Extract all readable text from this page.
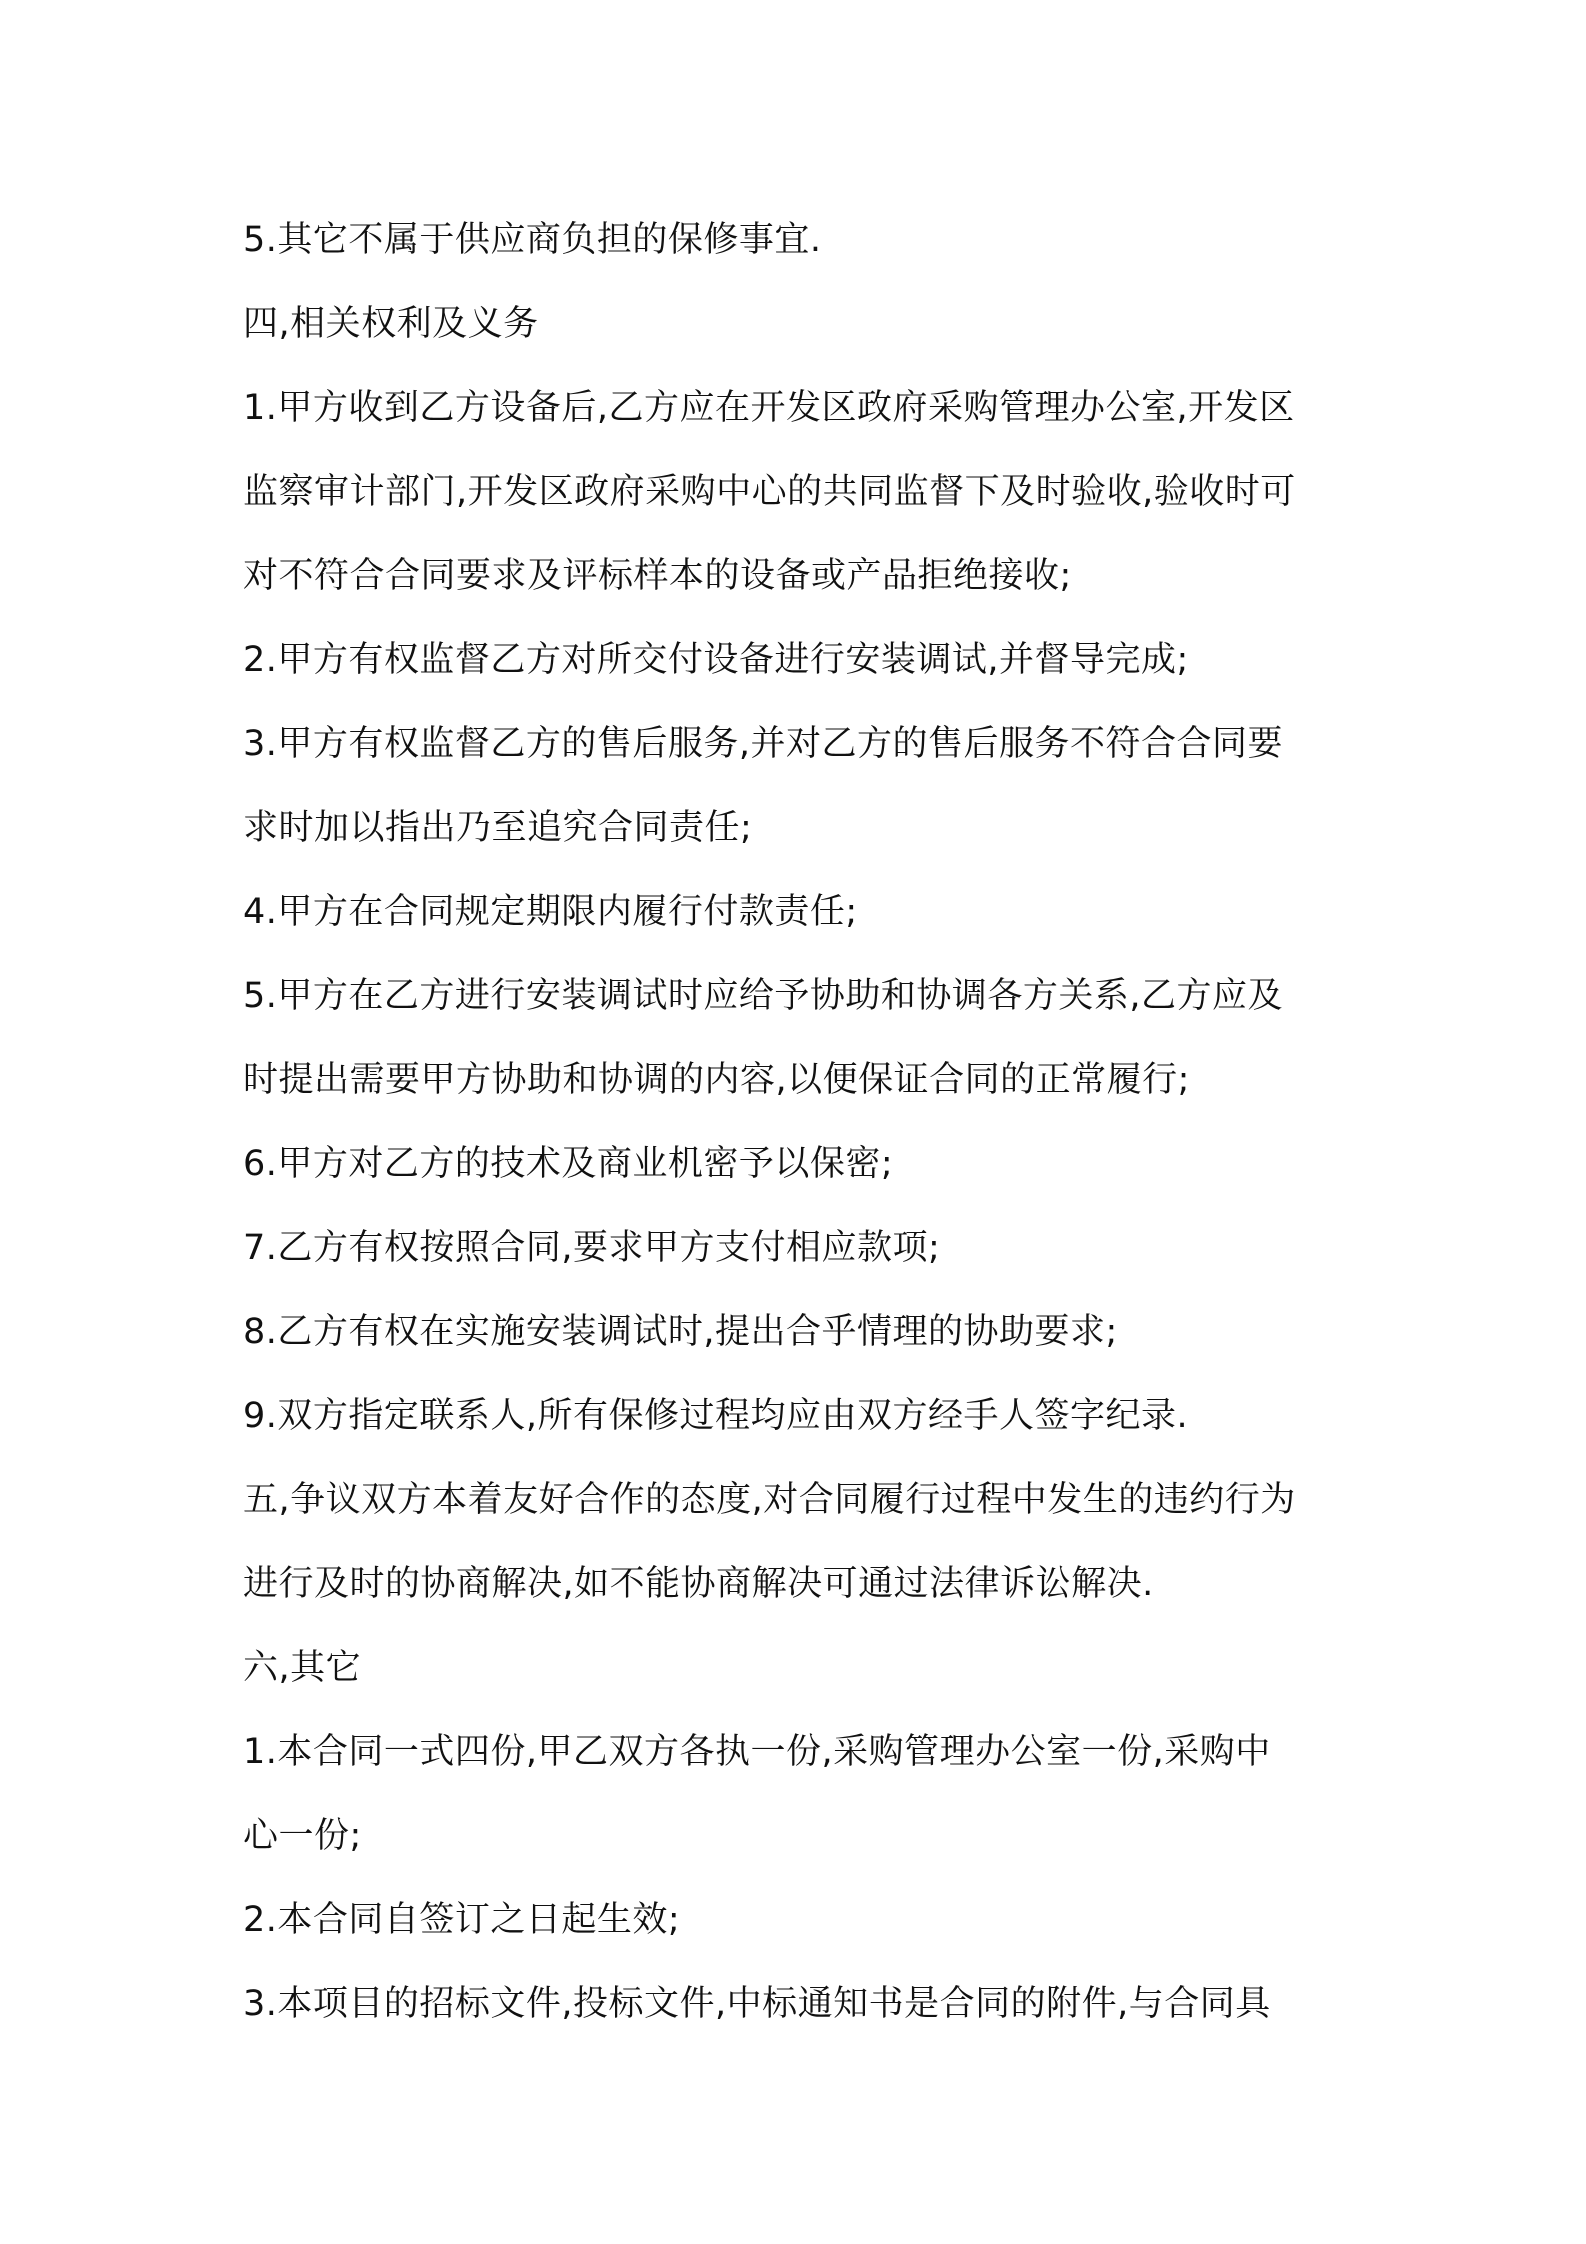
5.其它不属于供应商负担的保修事宜.
四,相关权利及义务
1.甲方收到乙方设备后,乙方应在开发区政府采购管理办公室,开发区
监察审计部门,开发区政府采购中心的共同监督下及时验收,验收时可
对不符合合同要求及评标样本的设备或产品拒绝接收;
2.甲方有权监督乙方对所交付设备进行安装调试,并督导完成;
3.甲方有权监督乙方的售后服务,并对乙方的售后服务不符合合同要
求时加以指出乃至追究合同责任;
4.甲方在合同规定期限内履行付款责任;
5.甲方在乙方进行安装调试时应给予协助和协调各方关系,乙方应及
时提出需要甲方协助和协调的内容,以便保证合同的正常履行;
6.甲方对乙方的技术及商业机密予以保密;
7.乙方有权按照合同,要求甲方支付相应款项;
8.乙方有权在实施安装调试时,提出合乎情理的协助要求;
9.双方指定联系人,所有保修过程均应由双方经手人签字纪录.
五,争议双方本着友好合作的态度,对合同履行过程中发生的违约行为
进行及时的协商解决,如不能协商解决可通过法律诉讼解决.
六,其它
1.本合同一式四份,甲乙双方各执一份,采购管理办公室一份,采购中
心一份;
2.本合同自签订之日起生效;
3.本项目的招标文件,投标文件,中标通知书是合同的附件,与合同具
